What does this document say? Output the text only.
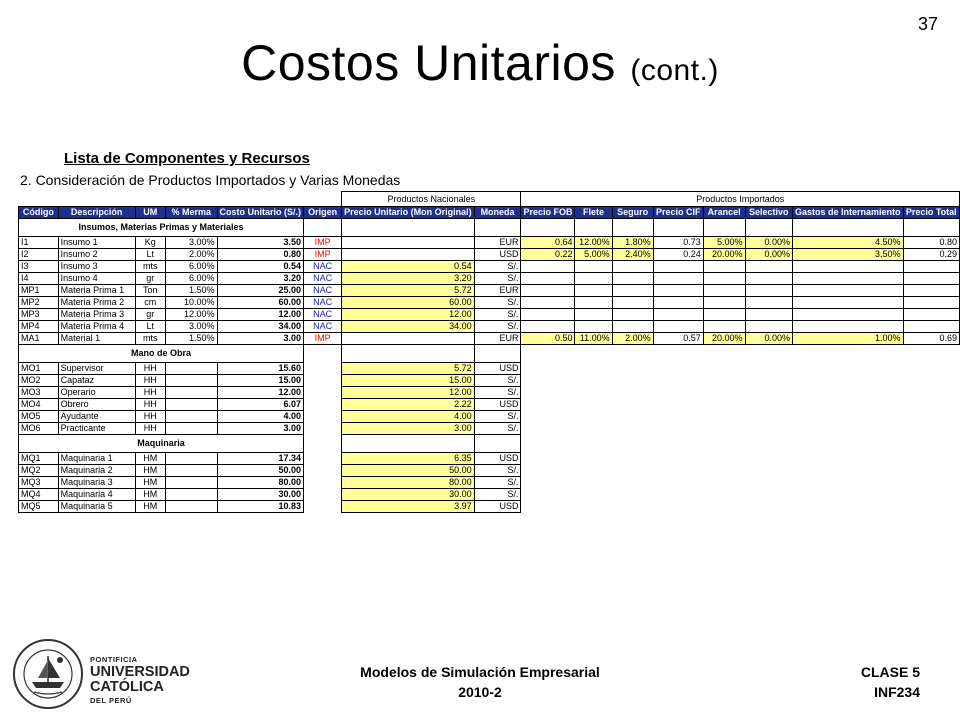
37
Costos Unitarios (cont.)
Lista de Componentes y Recursos
2. Consideración de Productos Importados y Varias Monedas
						Productos Nacionales		Productos Importados							
Código	Descripción	UM	% Merma	Costo Unitario (S/.)	Origen	Precio Unitario (Mon Original)	Moneda	Precio FOB	Flete	Seguro	Precio CIF	Arancel	Selectivo	Gastos de Internamiento	Precio Total
Insumos, Materias Primas y Materiales															
I1	Insumo 1	Kg	3.00%	3.50	IMP		EUR	0.64	12.00%	1.80%	0.73	5.00%	0.00%	4.50%	0.80
I2	Insumo 2	Lt	2.00%	0.80	IMP		USD	0.22	5.00%	2.40%	0.24	20.00%	0.00%	3.50%	0.29
I3	Insumo 3	mts	6.00%	0.54	NAC	0.54	S/.								
I4	Insumo 4	gr	6.00%	3.20	NAC	3.20	S/.								
MP1	Materia Prima 1	Ton	1.50%	25.00	NAC	5.72	EUR								
MP2	Materia Prima 2	cm	10.00%	60.00	NAC	60.00	S/.								
MP3	Materia Prima 3	gr	12.00%	12.00	NAC	12.00	S/.								
MP4	Materia Prima 4	Lt	3.00%	34.00	NAC	34.00	S/.								
MA1	Material 1	mts	1.50%	3.00	IMP		EUR	0.50	11.00%	2.00%	0.57	20.00%	0.00%	1.00%	0.69
Mano de Obra															
MO1	Supervisor	HH		15.60		5.72	USD								
MO2	Capataz	HH		15.00		15.00	S/.								
MO3	Operario	HH		12.00		12.00	S/.								
MO4	Obrero	HH		6.07		2.22	USD								
MO5	Ayudante	HH		4.00		4.00	S/.								
MO6	Practicante	HH		3.00		3.00	S/.								
Maquinaria															
MQ1	Maquinaria 1	HM		17.34		6.35	USD								
MQ2	Maquinaria 2	HM		50.00		50.00	S/.								
MQ3	Maquinaria 3	HM		80.00		80.00	S/.								
MQ4	Maquinaria 4	HM		30.00		30.00	S/.								
MQ5	Maquinaria 5	HM		10.83		3.97	USD								
PONTIFICIA
UNIVERSIDAD
CATÓLICA
DEL PERÚ
Modelos de Simulación Empresarial
2010-2
CLASE 5
INF234
